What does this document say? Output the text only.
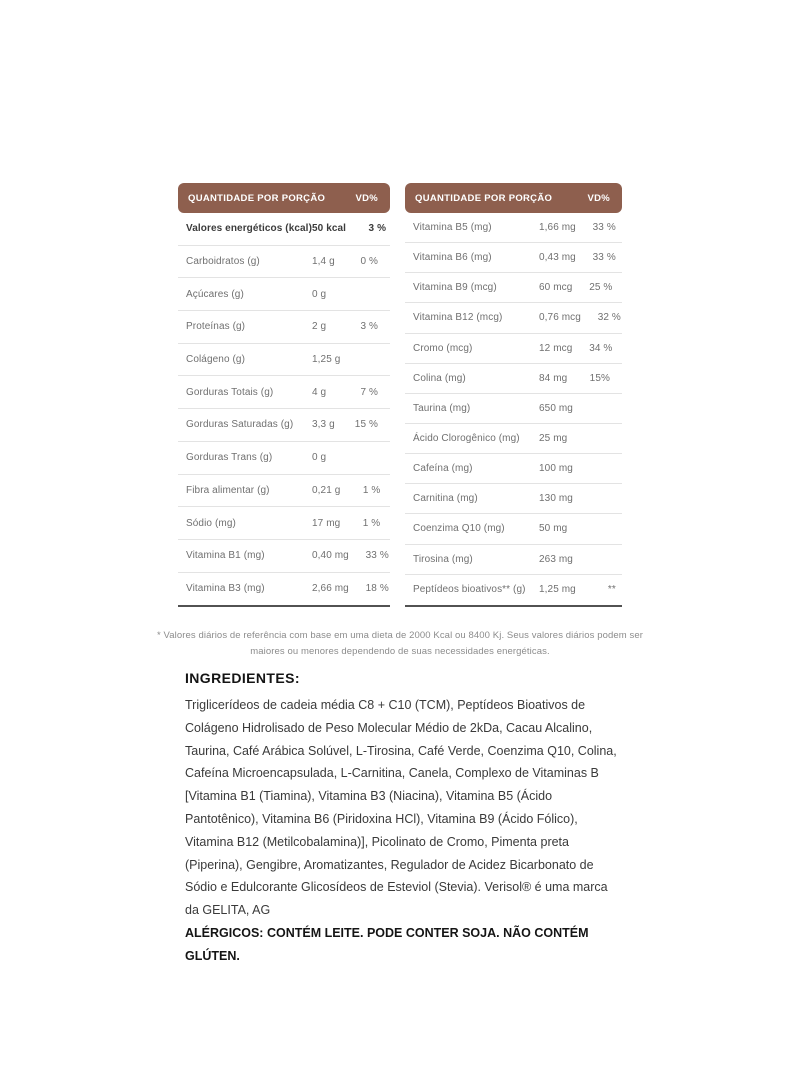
QUANTIDADE POR PORÇÃO	VD%
Valores energéticos (kcal) 50 kcal	3 %
Carboidratos (g)	1,4 g	0 %
Açúcares (g)	0 g
Proteínas (g)	2 g	3 %
Colágeno (g)	1,25 g
Gorduras Totais (g)	4 g	7 %
Gorduras Saturadas (g)	3,3 g	15 %
Gorduras Trans (g)	0 g
Fibra alimentar (g)	0,21 g	1 %
Sódio (mg)	17 mg	1 %
Vitamina B1 (mg)	0,40 mg	33 %
Vitamina B3 (mg)	2,66 mg	18 %
QUANTIDADE POR PORÇÃO	VD%
Vitamina B5 (mg)	1,66 mg	33 %
Vitamina B6 (mg)	0,43 mg	33 %
Vitamina B9 (mcg)	60 mcg	25 %
Vitamina B12 (mcg)	0,76 mcg	32 %
Cromo (mcg)	12 mcg	34 %
Colina (mg)	84 mg	15%
Taurina (mg)	650 mg
Ácido Clorogênico (mg)	25 mg
Cafeína (mg)	100 mg
Carnitina (mg)	130 mg
Coenzima Q10 (mg)	50 mg
Tirosina (mg)	263 mg
Peptídeos bioativos** (g)	1,25 mg	**
* Valores diários de referência com base em uma dieta de 2000 Kcal ou 8400 Kj. Seus valores diários podem ser maiores ou menores dependendo de suas necessidades energéticas.
INGREDIENTES:
Triglicerídeos de cadeia média C8 + C10 (TCM), Peptídeos Bioativos de Colágeno Hidrolisado de Peso Molecular Médio de 2kDa, Cacau Alcalino, Taurina, Café Arábica Solúvel, L-Tirosina, Café Verde, Coenzima Q10, Colina, Cafeína Microencapsulada, L-Carnitina, Canela, Complexo de Vitaminas B [Vitamina B1 (Tiamina), Vitamina B3 (Niacina), Vitamina B5 (Ácido Pantotênico), Vitamina B6 (Piridoxina HCl), Vitamina B9 (Ácido Fólico), Vitamina B12 (Metilcobalamina)], Picolinato de Cromo, Pimenta preta (Piperina), Gengibre, Aromatizantes, Regulador de Acidez Bicarbonato de Sódio e Edulcorante Glicosídeos de Esteviol (Stevia). Verisol® é uma marca da GELITA, AG
ALÉRGICOS: CONTÉM LEITE. PODE CONTER SOJA. NÃO CONTÉM GLÚTEN.
